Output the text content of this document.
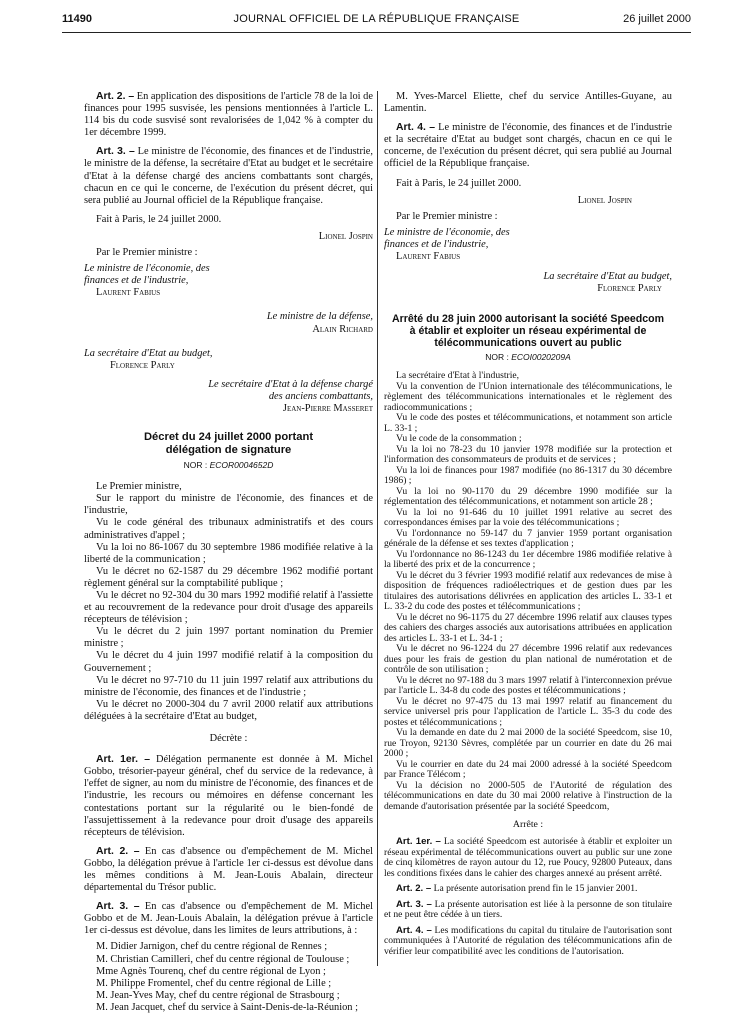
11490	JOURNAL OFFICIEL DE LA RÉPUBLIQUE FRANÇAISE	26 juillet 2000

Art. 2. – En application des dispositions de l'article 78 de la loi de finances pour 1995 susvisée, les pensions mentionnées à l'article L. 114 bis du code susvisé sont revalorisées de 1,042 % à compter du 1er décembre 1999.

Art. 3. – Le ministre de l'économie, des finances et de l'industrie, le ministre de la défense, la secrétaire d'Etat au budget et le secrétaire d'Etat à la défense chargé des anciens combattants sont chargés, chacun en ce qui le concerne, de l'exécution du présent décret, qui sera publié au Journal officiel de la République française.

Fait à Paris, le 24 juillet 2000.

Lionel Jospin

Par le Premier ministre :

Le ministre de l'économie, des finances et de l'industrie,

Laurent Fabius

Le ministre de la défense,

Alain Richard

La secrétaire d'Etat au budget,

Florence Parly

Le secrétaire d'Etat à la défense chargé des anciens combattants,

Jean-Pierre Masseret

Décret du 24 juillet 2000 portant délégation de signature

NOR : ECOR0004652D

Le Premier ministre,

Sur le rapport du ministre de l'économie, des finances et de l'industrie,

Vu le code général des tribunaux administratifs et des cours administratives d'appel ;

Vu la loi no 86-1067 du 30 septembre 1986 modifiée relative à la liberté de la communication ;

Vu le décret no 62-1587 du 29 décembre 1962 modifié portant règlement général sur la comptabilité publique ;

Vu le décret no 92-304 du 30 mars 1992 modifié relatif à l'assiette et au recouvrement de la redevance pour droit d'usage des appareils récepteurs de télévision ;

Vu le décret du 2 juin 1997 portant nomination du Premier ministre ;

Vu le décret du 4 juin 1997 modifié relatif à la composition du Gouvernement ;

Vu le décret no 97-710 du 11 juin 1997 relatif aux attributions du ministre de l'économie, des finances et de l'industrie ;

Vu le décret no 2000-304 du 7 avril 2000 relatif aux attributions déléguées à la secrétaire d'Etat au budget,

Décrète :

Art. 1er. – Délégation permanente est donnée à M. Michel Gobbo, trésorier-payeur général, chef du service de la redevance, à l'effet de signer, au nom du ministre de l'économie, des finances et de l'industrie, les recours ou mémoires en défense concernant les contestations portant sur la régularité ou le bien-fondé de l'assujettissement à la redevance pour droit d'usage des appareils récepteurs de télévision.

Art. 2. – En cas d'absence ou d'empêchement de M. Michel Gobbo, la délégation prévue à l'article 1er ci-dessus est dévolue dans les mêmes conditions à M. Jean-Louis Abalain, directeur départemental du Trésor public.

Art. 3. – En cas d'absence ou d'empêchement de M. Michel Gobbo et de M. Jean-Louis Abalain, la délégation prévue à l'article 1er ci-dessus est dévolue, dans les limites de leurs attributions, à :

M. Didier Jarnigon, chef du centre régional de Rennes ;

M. Christian Camilleri, chef du centre régional de Toulouse ;

Mme Agnès Tourenq, chef du centre régional de Lyon ;

M. Philippe Fromentel, chef du centre régional de Lille ;

M. Jean-Yves May, chef du centre régional de Strasbourg ;

M. Jean Jacquet, chef du service à Saint-Denis-de-la-Réunion ;

M. Yves-Marcel Eliette, chef du service Antilles-Guyane, au Lamentin.

Art. 4. – Le ministre de l'économie, des finances et de l'industrie et la secrétaire d'Etat au budget sont chargés, chacun en ce qui le concerne, de l'exécution du présent décret, qui sera publié au Journal officiel de la République française.

Fait à Paris, le 24 juillet 2000.

Lionel Jospin

Par le Premier ministre :

Le ministre de l'économie, des finances et de l'industrie,

Laurent Fabius

La secrétaire d'Etat au budget,

Florence Parly

Arrêté du 28 juin 2000 autorisant la société Speedcom à établir et exploiter un réseau expérimental de télécommunications ouvert au public

NOR : ECOI0020209A

La secrétaire d'Etat à l'industrie,

Vu la convention de l'Union internationale des télécommunications, le règlement des télécommunications internationales et le règlement des radiocommunications ;

Vu le code des postes et télécommunications, et notamment son article L. 33-1 ;

Vu le code de la consommation ;

Vu la loi no 78-23 du 10 janvier 1978 modifiée sur la protection et l'information des consommateurs de produits et de services ;

Vu la loi de finances pour 1987 modifiée (no 86-1317 du 30 décembre 1986) ;

Vu la loi no 90-1170 du 29 décembre 1990 modifiée sur la réglementation des télécommunications, et notamment son article 28 ;

Vu la loi no 91-646 du 10 juillet 1991 relative au secret des correspondances émises par la voie des télécommunications ;

Vu l'ordonnance no 59-147 du 7 janvier 1959 portant organisation générale de la défense et ses textes d'application ;

Vu l'ordonnance no 86-1243 du 1er décembre 1986 modifiée relative à la liberté des prix et de la concurrence ;

Vu le décret du 3 février 1993 modifié relatif aux redevances de mise à disposition de fréquences radioélectriques et de gestion dues par les titulaires des autorisations délivrées en application des articles L. 33-1 et L. 33-2 du code des postes et télécommunications ;

Vu le décret no 96-1175 du 27 décembre 1996 relatif aux clauses types des cahiers des charges associés aux autorisations attribuées en application des articles L. 33-1 et L. 34-1 ;

Vu le décret no 96-1224 du 27 décembre 1996 relatif aux redevances dues pour les frais de gestion du plan national de numérotation et de contrôle de son utilisation ;

Vu le décret no 97-188 du 3 mars 1997 relatif à l'interconnexion prévue par l'article L. 34-8 du code des postes et télécommunications ;

Vu le décret no 97-475 du 13 mai 1997 relatif au financement du service universel pris pour l'application de l'article L. 35-3 du code des postes et télécommunications ;

Vu la demande en date du 2 mai 2000 de la société Speedcom, sise 10, rue Troyon, 92130 Sèvres, complétée par un courrier en date du 26 mai 2000 ;

Vu le courrier en date du 24 mai 2000 adressé à la société Speedcom par France Télécom ;

Vu la décision no 2000-505 de l'Autorité de régulation des télécommunications en date du 30 mai 2000 relative à l'instruction de la demande d'autorisation présentée par la société Speedcom,

Arrête :

Art. 1er. – La société Speedcom est autorisée à établir et exploiter un réseau expérimental de télécommunications ouvert au public sur une zone de cinq kilomètres de rayon autour du 12, rue Poucy, 92800 Puteaux, dans les conditions fixées dans le cahier des charges annexé au présent arrêté.

Art. 2. – La présente autorisation prend fin le 15 janvier 2001.

Art. 3. – La présente autorisation est liée à la personne de son titulaire et ne peut être cédée à un tiers.

Art. 4. – Les modifications du capital du titulaire de l'autorisation sont communiquées à l'Autorité de régulation des télécommunications afin de vérifier leur compatibilité avec les conditions de l'autorisation.
